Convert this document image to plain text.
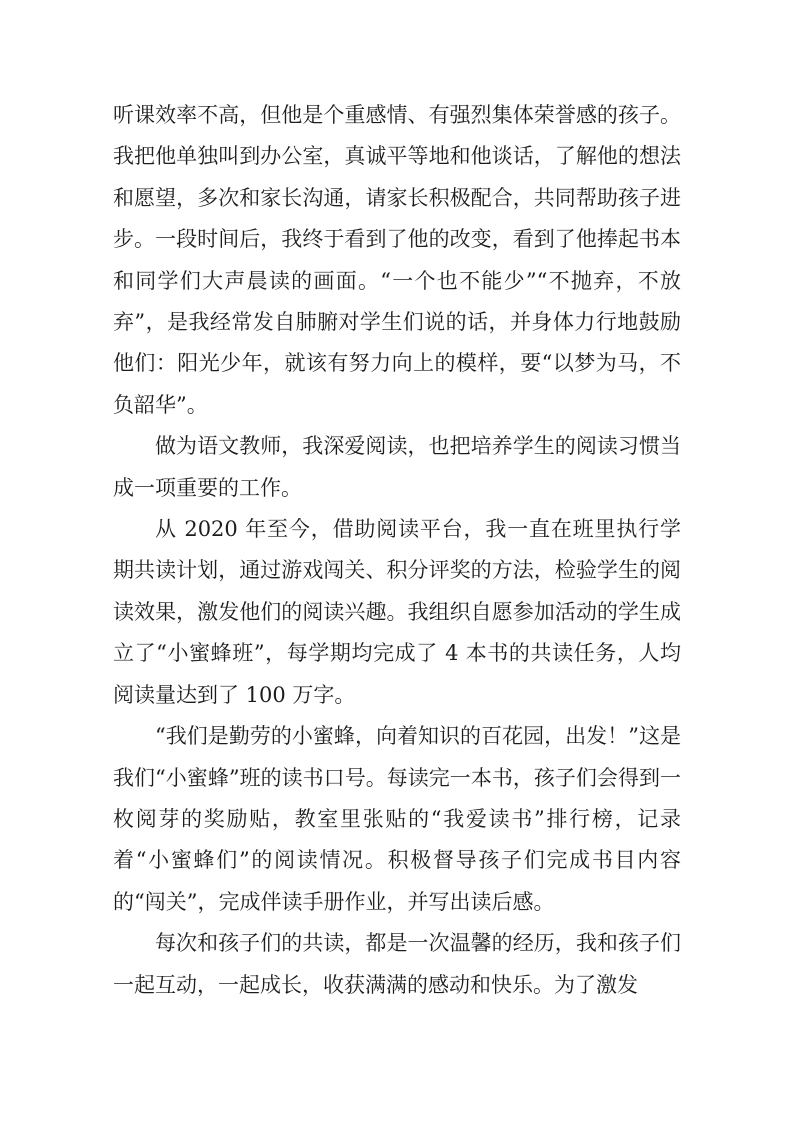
听课效率不高，但他是个重感情、有强烈集体荣誉感的孩子。我把他单独叫到办公室，真诚平等地和他谈话，了解他的想法和愿望，多次和家长沟通，请家长积极配合，共同帮助孩子进步。一段时间后，我终于看到了他的改变，看到了他捧起书本和同学们大声晨读的画面。“一个也不能少”“不抛弃，不放弃”，是我经常发自肺腑对学生们说的话，并身体力行地鼓励他们：阳光少年，就该有努力向上的模样，要“以梦为马，不负韶华”。

做为语文教师，我深爱阅读，也把培养学生的阅读习惯当成一项重要的工作。

从 2020 年至今，借助阅读平台，我一直在班里执行学期共读计划，通过游戏闯关、积分评奖的方法，检验学生的阅读效果，激发他们的阅读兴趣。我组织自愿参加活动的学生成立了“小蜜蜂班”，每学期均完成了 4 本书的共读任务，人均阅读量达到了 100 万字。

“我们是勤劳的小蜜蜂，向着知识的百花园，出发！”这是我们“小蜜蜂”班的读书口号。每读完一本书，孩子们会得到一枚阅芽的奖励贴，教室里张贴的“我爱读书”排行榜，记录着“小蜜蜂们”的阅读情况。积极督导孩子们完成书目内容的“闯关”，完成伴读手册作业，并写出读后感。

每次和孩子们的共读，都是一次温馨的经历，我和孩子们一起互动，一起成长，收获满满的感动和快乐。为了激发
